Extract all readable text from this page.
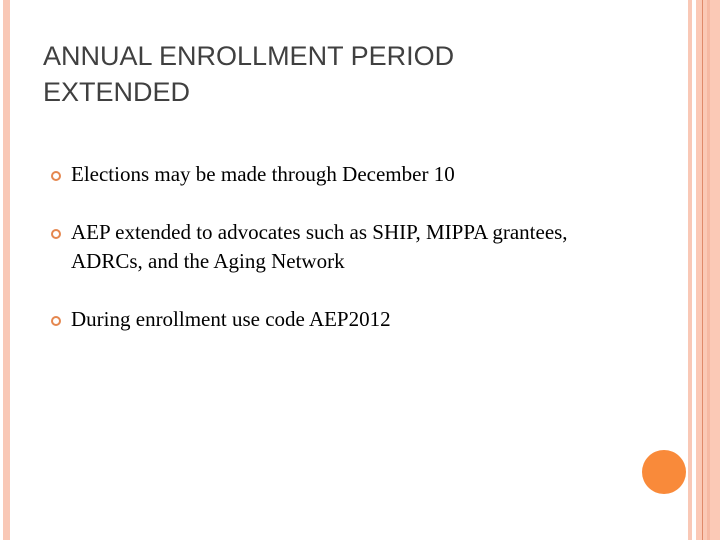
ANNUAL ENROLLMENT PERIOD EXTENDED
Elections may be made through December 10
AEP extended to advocates such as SHIP, MIPPA grantees, ADRCs, and the Aging Network
During enrollment use code AEP2012
